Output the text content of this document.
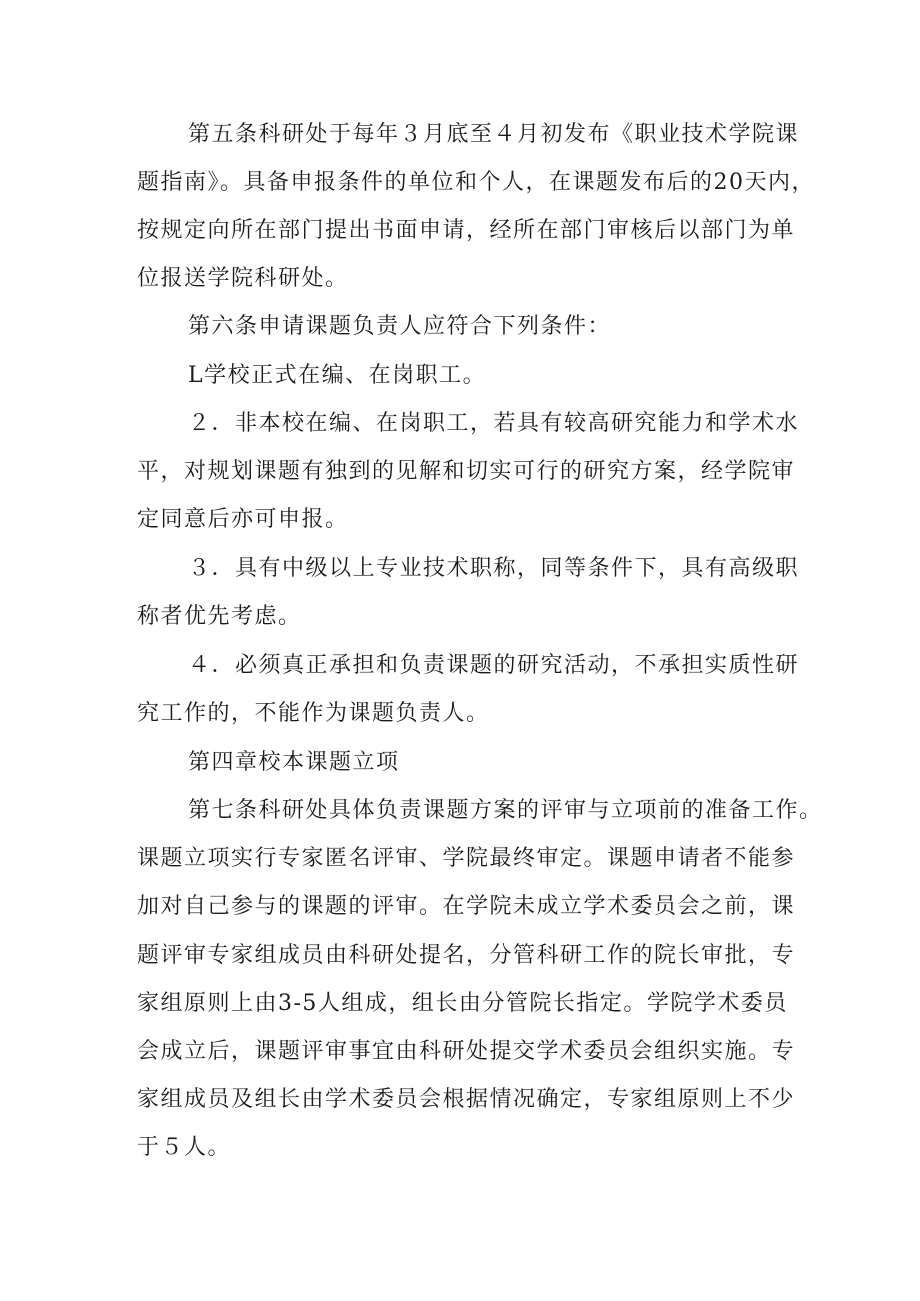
第五条科研处于每年３月底至４月初发布《职业技术学院课
题指南》。具备申报条件的单位和个人，在课题发布后的20天内，
按规定向所在部门提出书面申请，经所在部门审核后以部门为单
位报送学院科研处。
第六条申请课题负责人应符合下列条件：
L学校正式在编、在岗职工。
２．非本校在编、在岗职工，若具有较高研究能力和学术水
平，对规划课题有独到的见解和切实可行的研究方案，经学院审
定同意后亦可申报。
３．具有中级以上专业技术职称，同等条件下，具有高级职
称者优先考虑。
４．必须真正承担和负责课题的研究活动，不承担实质性研
究工作的，不能作为课题负责人。
第四章校本课题立项
第七条科研处具体负责课题方案的评审与立项前的准备工作。
课题立项实行专家匿名评审、学院最终审定。课题申请者不能参
加对自己参与的课题的评审。在学院未成立学术委员会之前，课
题评审专家组成员由科研处提名，分管科研工作的院长审批，专
家组原则上由3-5人组成，组长由分管院长指定。学院学术委员
会成立后，课题评审事宜由科研处提交学术委员会组织实施。专
家组成员及组长由学术委员会根据情况确定，专家组原则上不少
于５人。
